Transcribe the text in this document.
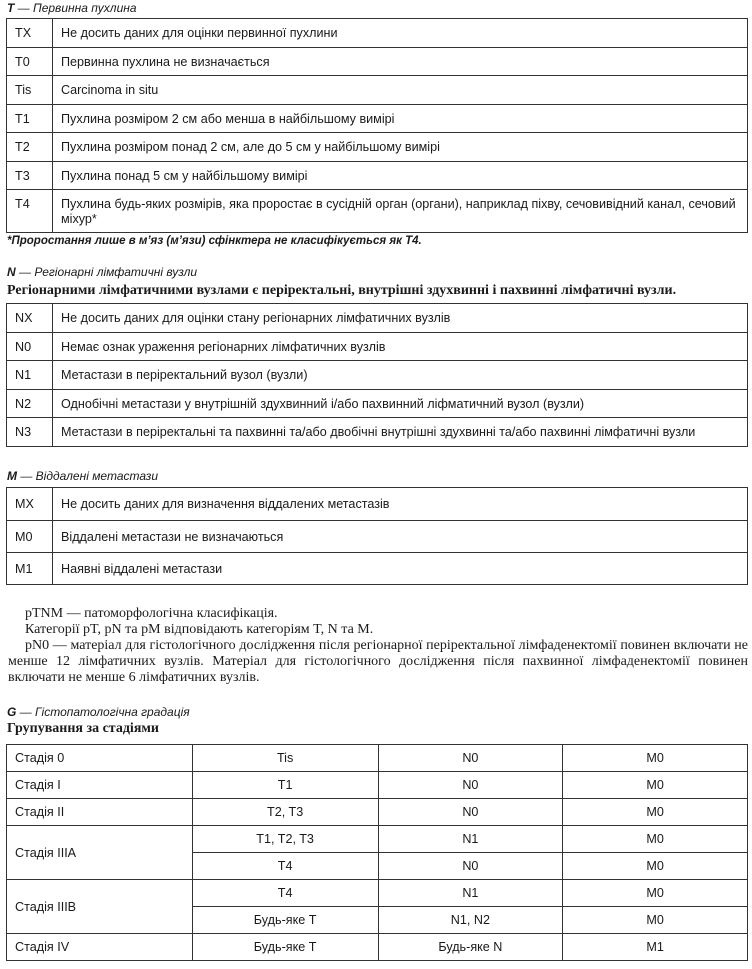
T — Первинна пухлина
TX	Не досить даних для оцінки первинної пухлини
T0	Первинна пухлина не визначається
Tis	Carcinoma in situ
T1	Пухлина розміром 2 см або менша в найбільшому вимірі
T2	Пухлина розміром понад 2 см, але до 5 см у найбільшому вимірі
T3	Пухлина понад 5 см у найбільшому вимірі
T4	Пухлина будь-яких розмірів, яка проростає в сусідній орган (органи), наприклад піхву, сечовивідний канал, сечовий міхур*
*Проростання лише в м’яз (м’язи) сфінктера не класифікується як T4.
N — Регіонарні лімфатичні вузли
Регіонарними лімфатичними вузлами є періректальні, внутрішні здухвинні і пахвинні лімфатичні вузли.
NX	Не досить даних для оцінки стану регіонарних лімфатичних вузлів
N0	Немає ознак ураження регіонарних лімфатичних вузлів
N1	Метастази в періректальний вузол (вузли)
N2	Однобічні метастази у внутрішній здухвинний і/або пахвинний ліфматичний вузол (вузли)
N3	Метастази в періректальні та пахвинні та/або двобічні внутрішні здухвинні та/або пахвинні лімфатичні вузли
M — Віддалені метастази
MX	Не досить даних для визначення віддалених метастазів
M0	Віддалені метастази не визначаються
M1	Наявні віддалені метастази

pTNM — патоморфологічна класифікація.

Категорії pT, pN та pM відповідають категоріям T, N та M.

pN0 — матеріал для гістологічного дослідження після регіонарної періректальної лімфаденектомії повинен включати не менше 12 лімфатичних вузлів. Матеріал для гістологічного дослідження після пахвинної лімфаденектомії повинен включати не менше 6 лімфатичних вузлів.

G — Гістопатологічна градація
Групування за стадіями
Стадія 0	Tis	N0	M0
Стадія I	T1	N0	M0
Стадія II	T2, T3	N0	M0
Стадія IIIA	T1, T2, T3	N1	M0
	T4	N0	M0
Стадія IIIB	T4	N1	M0
	Будь-яке T	N1, N2	M0
Стадія IV	Будь-яке T	Будь-яке N	M1
